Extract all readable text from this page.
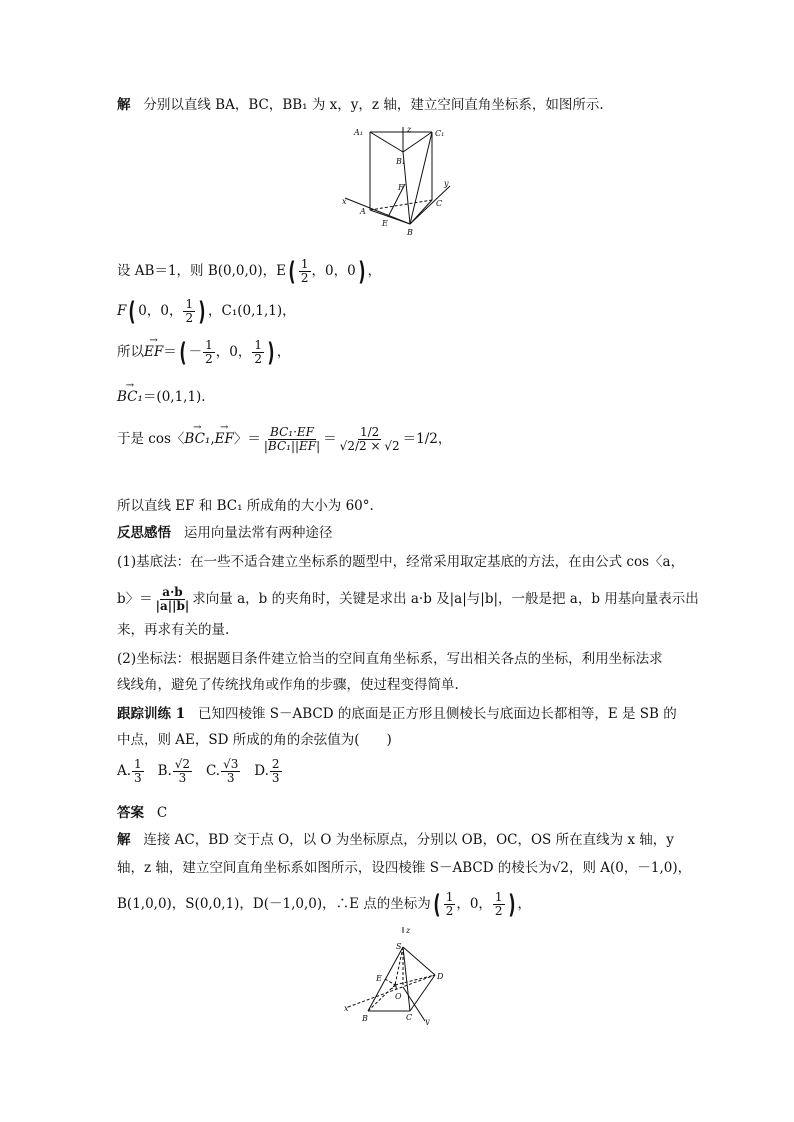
解 分别以直线 BA，BC，BB₁ 为 x，y，z 轴，建立空间直角坐标系，如图所示.
A₁	z	C₁
B₁
F	y
x
A
C
E
B
设 AB＝1，则 B(0,0,0)，$E( \frac{1}{2}$ ，0，0) ，
F( 0，0， $\frac{1}{2}$ ) ，C₁(0,1,1)，
所以→ $EF=( - \frac{1}{2}$ ，0， $\frac{1}{2}$ ) ，
→ BC₁＝(0,1,1).
于是 cos〈→ BC₁,→ EF〉＝ $\frac{\text{BC₁·EF}}{\text{|BC₁||EF|}} = \frac{1/2}{√2/2 \times √2} =1/2$，
所以直线 EF 和 BC₁ 所成角的大小为 60°.
反思感悟 运用向量法常有两种途径
(1)基底法：在一些不适合建立坐标系的题型中，经常采用取定基底的方法，在由公式 cos〈a，
b〉＝ $\frac{a\cdot b}{|a||b|}$ 求向量 a，b 的夹角时，关键是求出 a·b 及|a|与|b|，一般是把 a，b 用基向量表示出
来，再求有关的量.
(2)坐标法：根据题目条件建立恰当的空间直角坐标系，写出相关各点的坐标，利用坐标法求
线线角，避免了传统找角或作角的步骤，使过程变得简单.
跟踪训练 1 已知四棱锥 S－ABCD 的底面是正方形且侧棱长与底面边长都相等，E 是 SB 的
中点，则 AE，SD 所成的角的余弦值为(　　)
A. $\frac{1}{3} B$. $\frac{√2}{3} C$. $\frac{√3}{3} D$. $\frac{2}{3}$
答案 C
解 连接 AC，BD 交于点 O，以 O 为坐标原点，分别以 OB，OC，OS 所在直线为 x 轴，y
轴，z 轴，建立空间直角坐标系如图所示，设四棱锥 S－ABCD 的棱长为√2，则 A(0，－1,0)，
B(1,0,0)，S(0,0,1)，D(－1,0,0)，∴E 点的坐标为( $\frac{1}{2}$ ，0， $\frac{1}{2}$ ) ，
z
S
E	D
A
O
x
B	C y
